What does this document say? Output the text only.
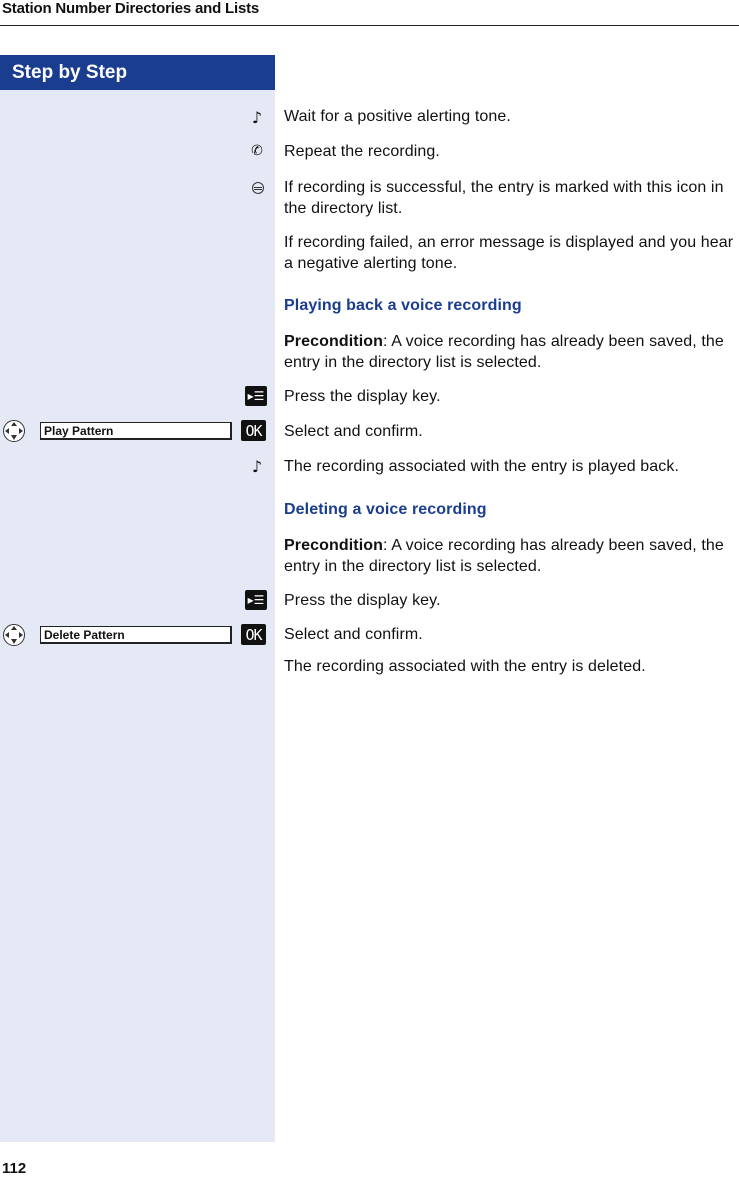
Station Number Directories and Lists
Step by Step
♪ Wait for a positive alerting tone.
✆ Repeat the recording.
If recording is successful, the entry is marked with this icon in the directory list.
If recording failed, an error message is displayed and you hear a negative alerting tone.
Playing back a voice recording
Precondition: A voice recording has already been saved, the entry in the directory list is selected.
▸☰ Press the display key.
Play Pattern	OK Select and confirm.
♪ The recording associated with the entry is played back.
Deleting a voice recording
Precondition: A voice recording has already been saved, the entry in the directory list is selected.
▸☰ Press the display key.
Delete Pattern	OK Select and confirm.
The recording associated with the entry is deleted.
112
